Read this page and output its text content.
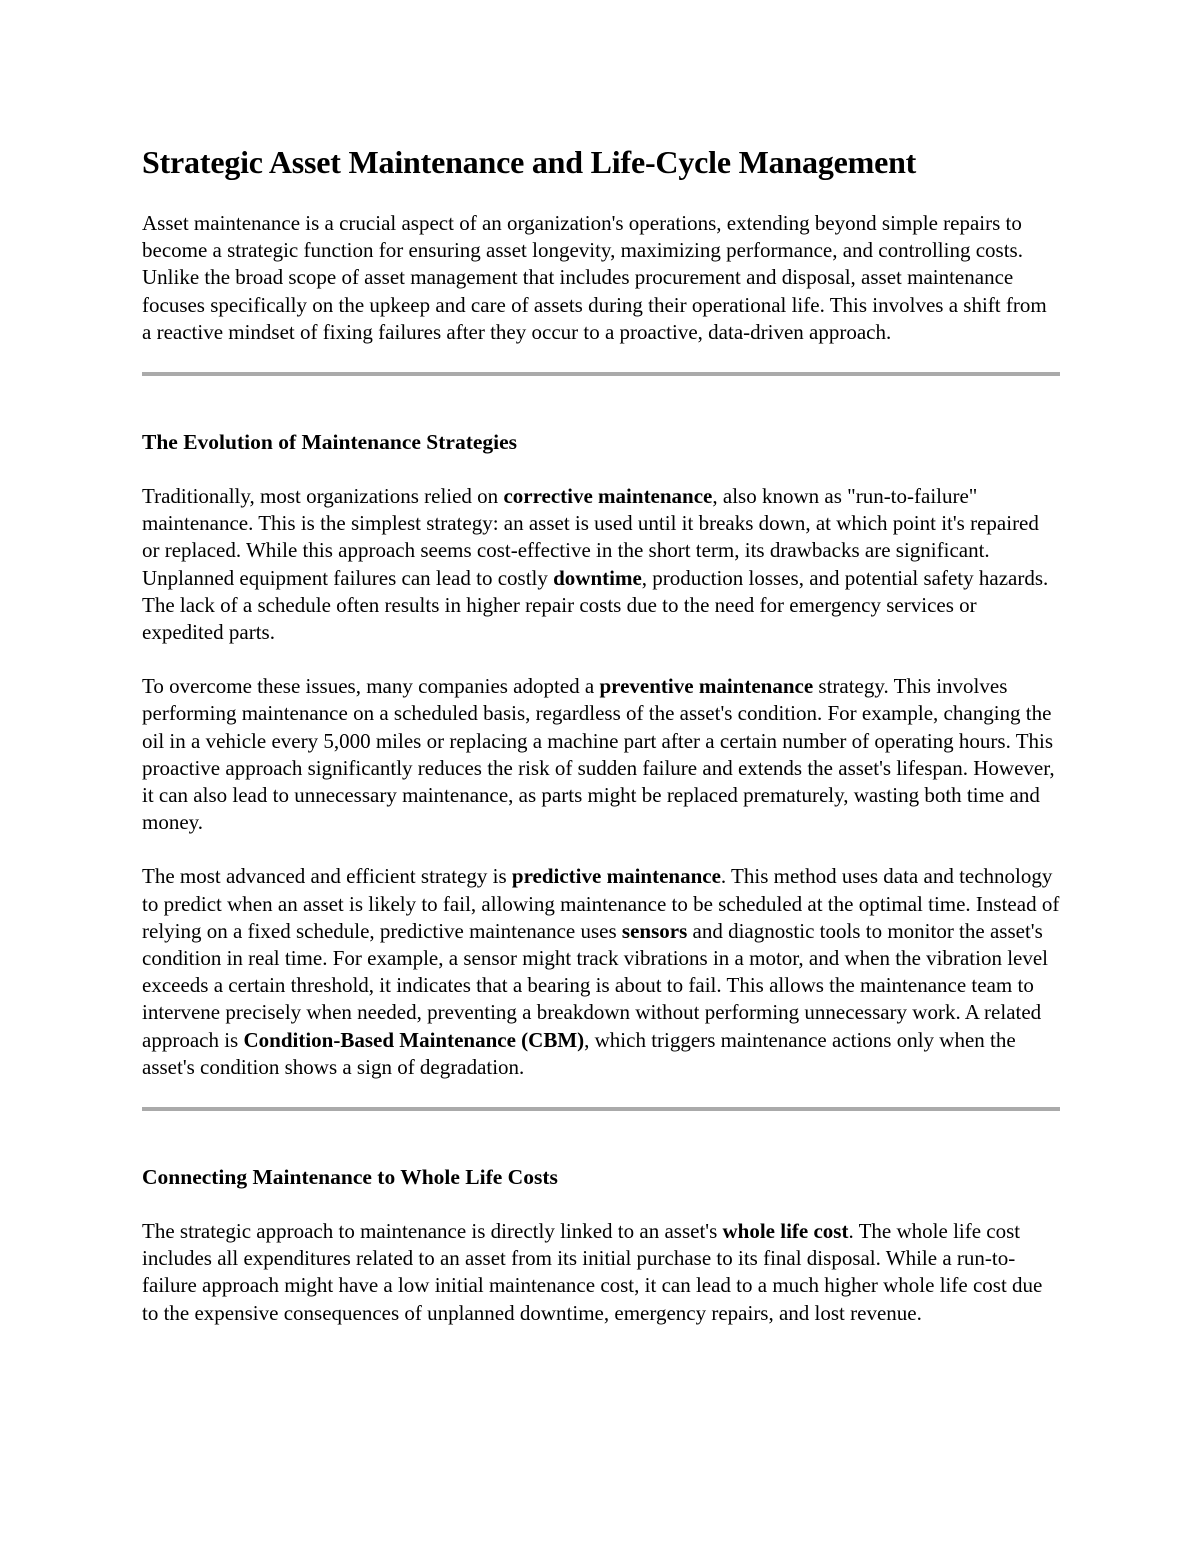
Strategic Asset Maintenance and Life-Cycle Management

Asset maintenance is a crucial aspect of an organization's operations, extending beyond simple repairs to become a strategic function for ensuring asset longevity, maximizing performance, and controlling costs. Unlike the broad scope of asset management that includes procurement and disposal, asset maintenance focuses specifically on the upkeep and care of assets during their operational life. This involves a shift from a reactive mindset of fixing failures after they occur to a proactive, data-driven approach.

The Evolution of Maintenance Strategies

Traditionally, most organizations relied on corrective maintenance, also known as "run-to-failure" maintenance. This is the simplest strategy: an asset is used until it breaks down, at which point it's repaired or replaced. While this approach seems cost-effective in the short term, its drawbacks are significant. Unplanned equipment failures can lead to costly downtime, production losses, and potential safety hazards. The lack of a schedule often results in higher repair costs due to the need for emergency services or expedited parts.

To overcome these issues, many companies adopted a preventive maintenance strategy. This involves performing maintenance on a scheduled basis, regardless of the asset's condition. For example, changing the oil in a vehicle every 5,000 miles or replacing a machine part after a certain number of operating hours. This proactive approach significantly reduces the risk of sudden failure and extends the asset's lifespan. However, it can also lead to unnecessary maintenance, as parts might be replaced prematurely, wasting both time and money.

The most advanced and efficient strategy is predictive maintenance. This method uses data and technology to predict when an asset is likely to fail, allowing maintenance to be scheduled at the optimal time. Instead of relying on a fixed schedule, predictive maintenance uses sensors and diagnostic tools to monitor the asset's condition in real time. For example, a sensor might track vibrations in a motor, and when the vibration level exceeds a certain threshold, it indicates that a bearing is about to fail. This allows the maintenance team to intervene precisely when needed, preventing a breakdown without performing unnecessary work. A related approach is Condition-Based Maintenance (CBM), which triggers maintenance actions only when the asset's condition shows a sign of degradation.

Connecting Maintenance to Whole Life Costs

The strategic approach to maintenance is directly linked to an asset's whole life cost. The whole life cost includes all expenditures related to an asset from its initial purchase to its final disposal. While a run-to-failure approach might have a low initial maintenance cost, it can lead to a much higher whole life cost due to the expensive consequences of unplanned downtime, emergency repairs, and lost revenue.
